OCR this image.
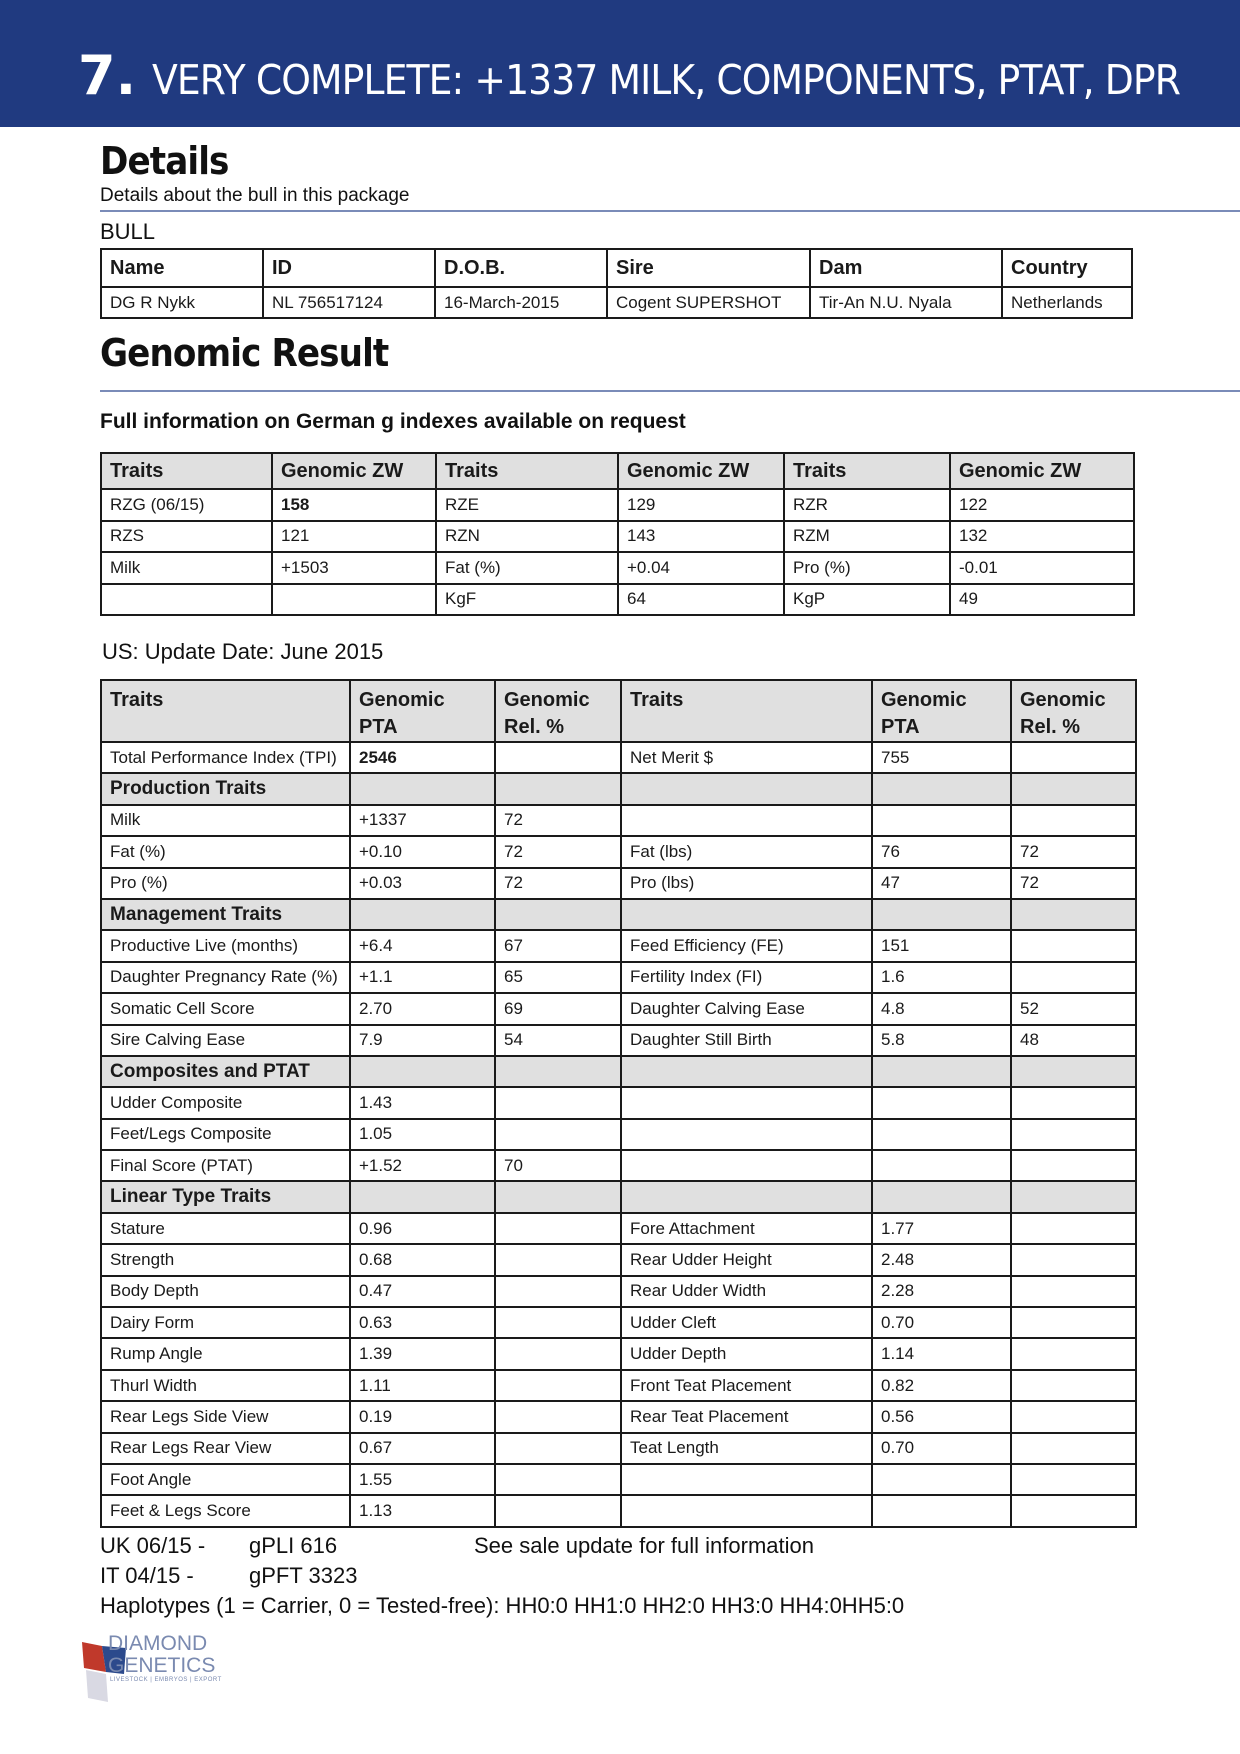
7. VERY COMPLETE: +1337 MILK, COMPONENTS, PTAT, DPR
Details
Details about the bull in this package
BULL
Name	ID	D.O.B.	Sire	Dam	Country
DG R Nykk	NL 756517124	16-March-2015	Cogent SUPERSHOT	Tir-An N.U. Nyala	Netherlands
Genomic Result
Full information on German g indexes available on request
Traits	Genomic ZW	Traits	Genomic ZW	Traits	Genomic ZW
RZG (06/15)	158	RZE	129	RZR	122
RZS	121	RZN	143	RZM	132
Milk	+1503	Fat (%)	+0.04	Pro (%)	-0.01
		KgF	64	KgP	49
US: Update Date: June 2015
Traits	Genomic PTA	Genomic Rel. %	Traits	Genomic PTA	Genomic Rel. %
Total Performance Index (TPI)	2546		Net Merit $	755	
Production Traits					
Milk	+1337	72			
Fat (%)	+0.10	72	Fat (lbs)	76	72
Pro (%)	+0.03	72	Pro (lbs)	47	72
Management Traits					
Productive Live (months)	+6.4	67	Feed Efficiency (FE)	151	
Daughter Pregnancy Rate (%)	+1.1	65	Fertility Index (FI)	1.6	
Somatic Cell Score	2.70	69	Daughter Calving Ease	4.8	52
Sire Calving Ease	7.9	54	Daughter Still Birth	5.8	48
Composites and PTAT					
Udder Composite	1.43				
Feet/Legs Composite	1.05				
Final Score (PTAT)	+1.52	70			
Linear Type Traits					
Stature	0.96		Fore Attachment	1.77	
Strength	0.68		Rear Udder Height	2.48	
Body Depth	0.47		Rear Udder Width	2.28	
Dairy Form	0.63		Udder Cleft	0.70	
Rump Angle	1.39		Udder Depth	1.14	
Thurl Width	1.11		Front Teat Placement	0.82	
Rear Legs Side View	0.19		Rear Teat Placement	0.56	
Rear Legs Rear View	0.67		Teat Length	0.70	
Foot Angle	1.55				
Feet & Legs Score	1.13				
UK 06/15 - gPLI 616	See sale update for full information
IT 04/15 -	gPFT 3323
Haplotypes (1 = Carrier, 0 = Tested-free): HH0:0 HH1:0 HH2:0 HH3:0 HH4:0HH5:0
DIAMOND
GENETICS
LIVESTOCK | EMBRYOS | EXPORT
